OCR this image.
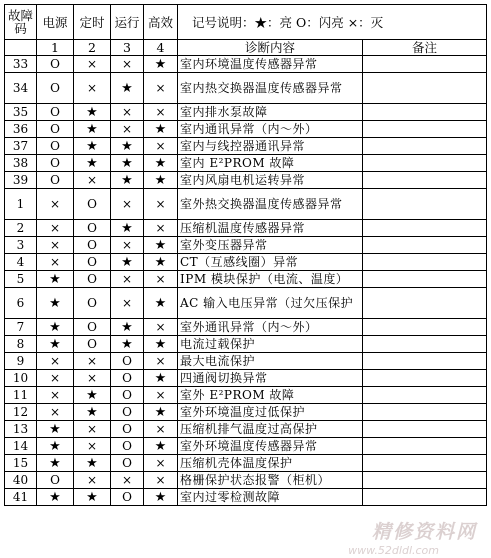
故障码	电源	定时	运行	高效	记号说明：★：亮 O：闪亮 ×：灭	
	1	2	3	4	诊断内容	备注
33	O	×	×	★	室内环境温度传感器异常	
34	O	×	★	×	室内热交换器温度传感器异常	
35	O	★	×	×	室内排水泵故障	
36	O	★	×	★	室内通讯异常（内～外）	
37	O	★	★	×	室内与线控器通讯异常	
38	O	★	★	★	室内 E²PROM 故障	
39	O	×	★	★	室内风扇电机运转异常	
1	×	O	×	×	室外热交换器温度传感器异常	
2	×	O	★	×	压缩机温度传感器异常	
3	×	O	×	★	室外变压器异常	
4	×	O	★	★	CT（互感线圈）异常	
5	★	O	×	×	IPM 模块保护（电流、温度）	
6	★	O	×	★	AC 输入电压异常（过欠压保护	
7	★	O	★	×	室外通讯异常（内～外）	
8	★	O	★	★	电流过载保护	
9	×	×	O	×	最大电流保护	
10	×	×	O	★	四通阀切换异常	
11	×	★	O	×	室外 E²PROM 故障	
12	×	★	O	★	室外环境温度过低保护	
13	★	×	O	×	压缩机排气温度过高保护	
14	★	×	O	★	室外环境温度传感器异常	
15	★	★	O	×	压缩机壳体温度保护	
40	O	×	×	×	格栅保护状态报警（柜机）	
41	★	★	O	★	室内过零检测故障	
精修资料网
www.52dldl.com
